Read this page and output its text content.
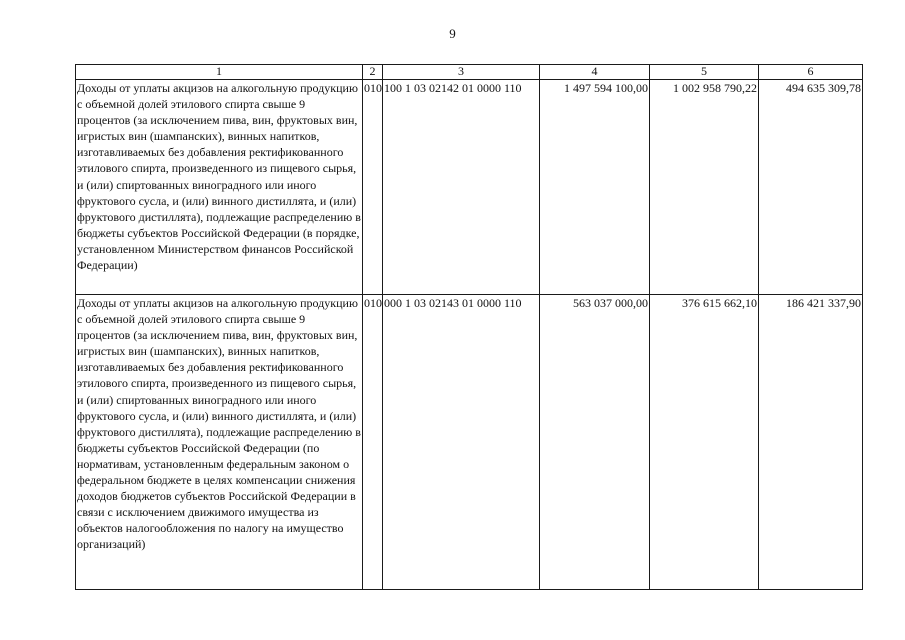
9
1	2	3	4	5	6
Доходы от уплаты акцизов на алкогольную продукцию с объемной долей этилового спирта свыше 9 процентов (за исключением пива, вин, фруктовых вин, игристых вин (шампанских), винных напитков, изготавливаемых без добавления ректификованного этилового спирта, произведенного из пищевого сырья, и (или) спиртованных виноградного или иного фруктового сусла, и (или) винного дистиллята, и (или) фруктового дистиллята), подлежащие распределению в бюджеты субъектов Российской Федерации (в порядке, установленном Министерством финансов Российской Федерации)	010	100 1 03 02142 01 0000 110	1 497 594 100,00	1 002 958 790,22	494 635 309,78
Доходы от уплаты акцизов на алкогольную продукцию с объемной долей этилового спирта свыше 9 процентов (за исключением пива, вин, фруктовых вин, игристых вин (шампанских), винных напитков, изготавливаемых без добавления ректификованного этилового спирта, произведенного из пищевого сырья, и (или) спиртованных виноградного или иного фруктового сусла, и (или) винного дистиллята, и (или) фруктового дистиллята), подлежащие распределению в бюджеты субъектов Российской Федерации (по нормативам, установленным федеральным законом о федеральном бюджете в целях компенсации снижения доходов бюджетов субъектов Российской Федерации в связи с исключением движимого имущества из объектов налогообложения по налогу на имущество организаций)	010	000 1 03 02143 01 0000 110	563 037 000,00	376 615 662,10	186 421 337,90
